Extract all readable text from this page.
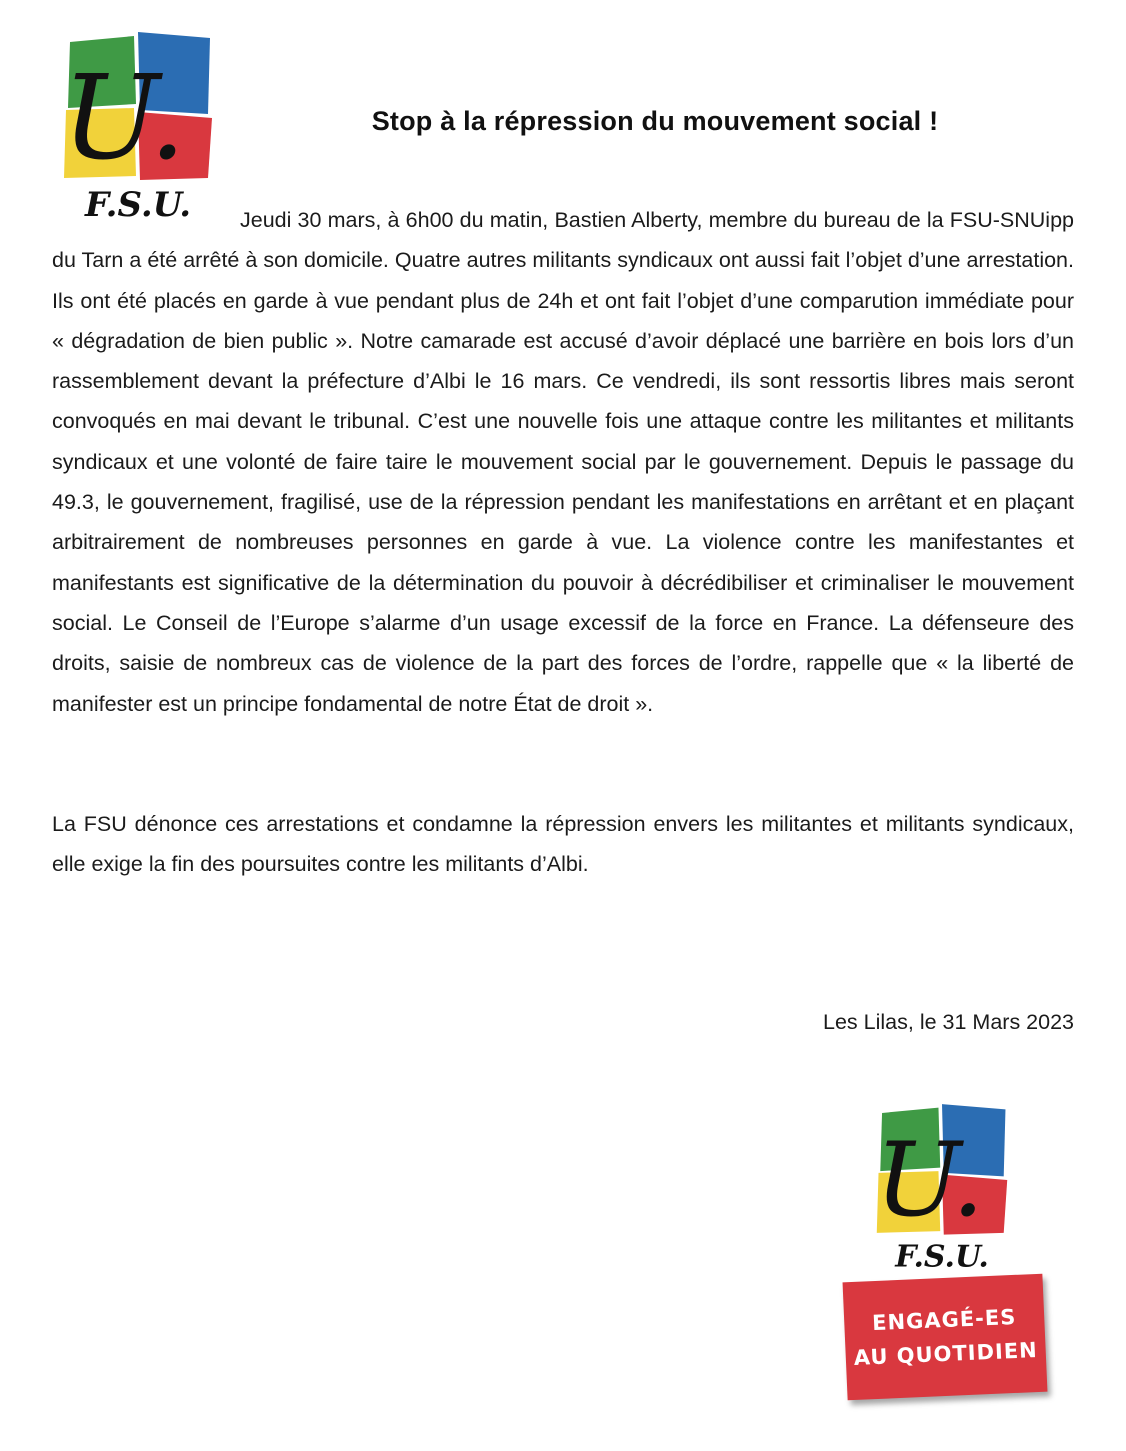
U.
F.S.U.
Stop à la répression du mouvement social !

Jeudi 30 mars, à 6h00 du matin, Bastien Alberty, membre du bureau de la FSU-SNUipp du Tarn a été arrêté à son domicile. Quatre autres militants syndicaux ont aussi fait l’objet d’une arrestation. Ils ont été placés en garde à vue pendant plus de 24h et ont fait l’objet d’une comparution immédiate pour « dégradation de bien public ». Notre camarade est accusé d’avoir déplacé une barrière en bois lors d’un rassemblement devant la préfecture d’Albi le 16 mars. Ce vendredi, ils sont ressortis libres mais seront convoqués en mai devant le tribunal. C’est une nouvelle fois une attaque contre les militantes et militants syndicaux et une volonté de faire taire le mouvement social par le gouvernement. Depuis le passage du 49.3, le gouvernement, fragilisé, use de la répression pendant les manifestations en arrêtant et en plaçant arbitrairement de nombreuses personnes en garde à vue. La violence contre les manifestantes et manifestants est significative de la détermination du pouvoir à décrédibiliser et criminaliser le mouvement social. Le Conseil de l’Europe s’alarme d’un usage excessif de la force en France. La défenseure des droits, saisie de nombreux cas de violence de la part des forces de l’ordre, rappelle que « la liberté de manifester est un principe fondamental de notre État de droit ».

La FSU dénonce ces arrestations et condamne la répression envers les militantes et militants syndicaux, elle exige la fin des poursuites contre les militants d’Albi.

Les Lilas, le 31 Mars 2023
U.
F.S.U.
ENGAGÉ-ES
AU QUOTIDIEN
